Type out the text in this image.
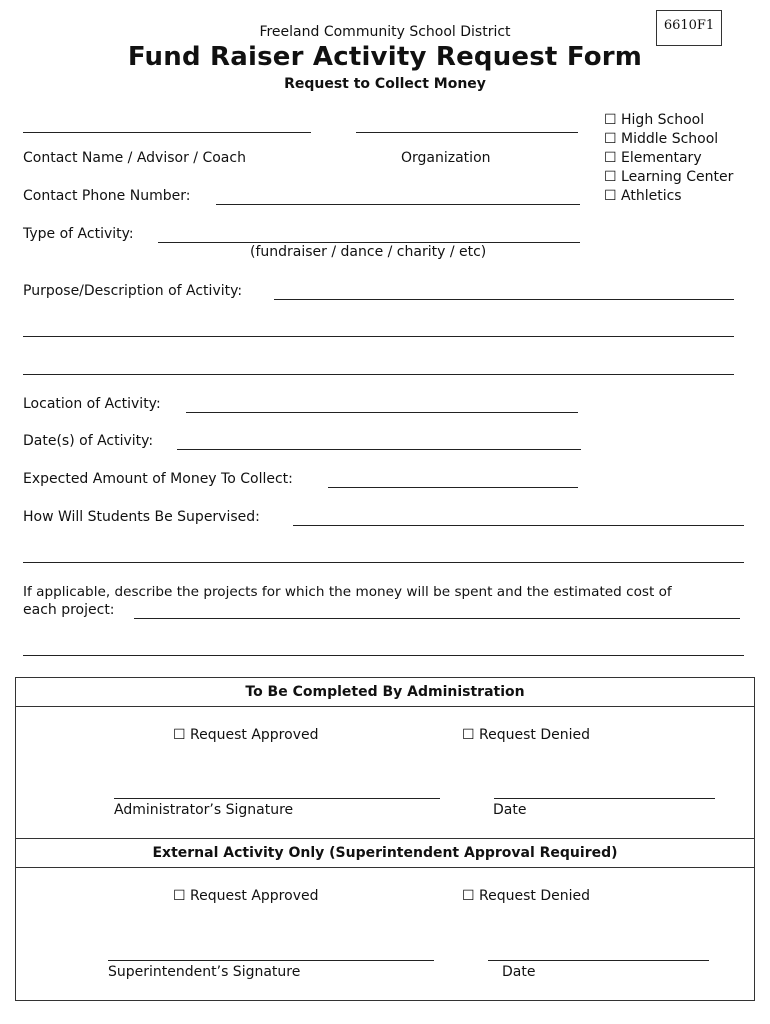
6610F1
Freeland Community School District
Fund Raiser Activity Request Form
Request to Collect Money
Contact Name / Advisor / Coach	Organization
☐ High School
☐ Middle School
☐ Elementary
☐ Learning Center
☐ Athletics
Contact Phone Number:
Type of Activity:
(fundraiser / dance / charity / etc)
Purpose/Description of Activity:
Location of Activity:
Date(s) of Activity:
Expected Amount of Money To Collect:
How Will Students Be Supervised:
If applicable, describe the projects for which the money will be spent and the estimated cost of
each project:
To Be Completed By Administration
☐ Request Approved	☐ Request Denied
Administrator’s Signature	Date
External Activity Only (Superintendent Approval Required)
☐ Request Approved	☐ Request Denied
Superintendent’s Signature	Date
